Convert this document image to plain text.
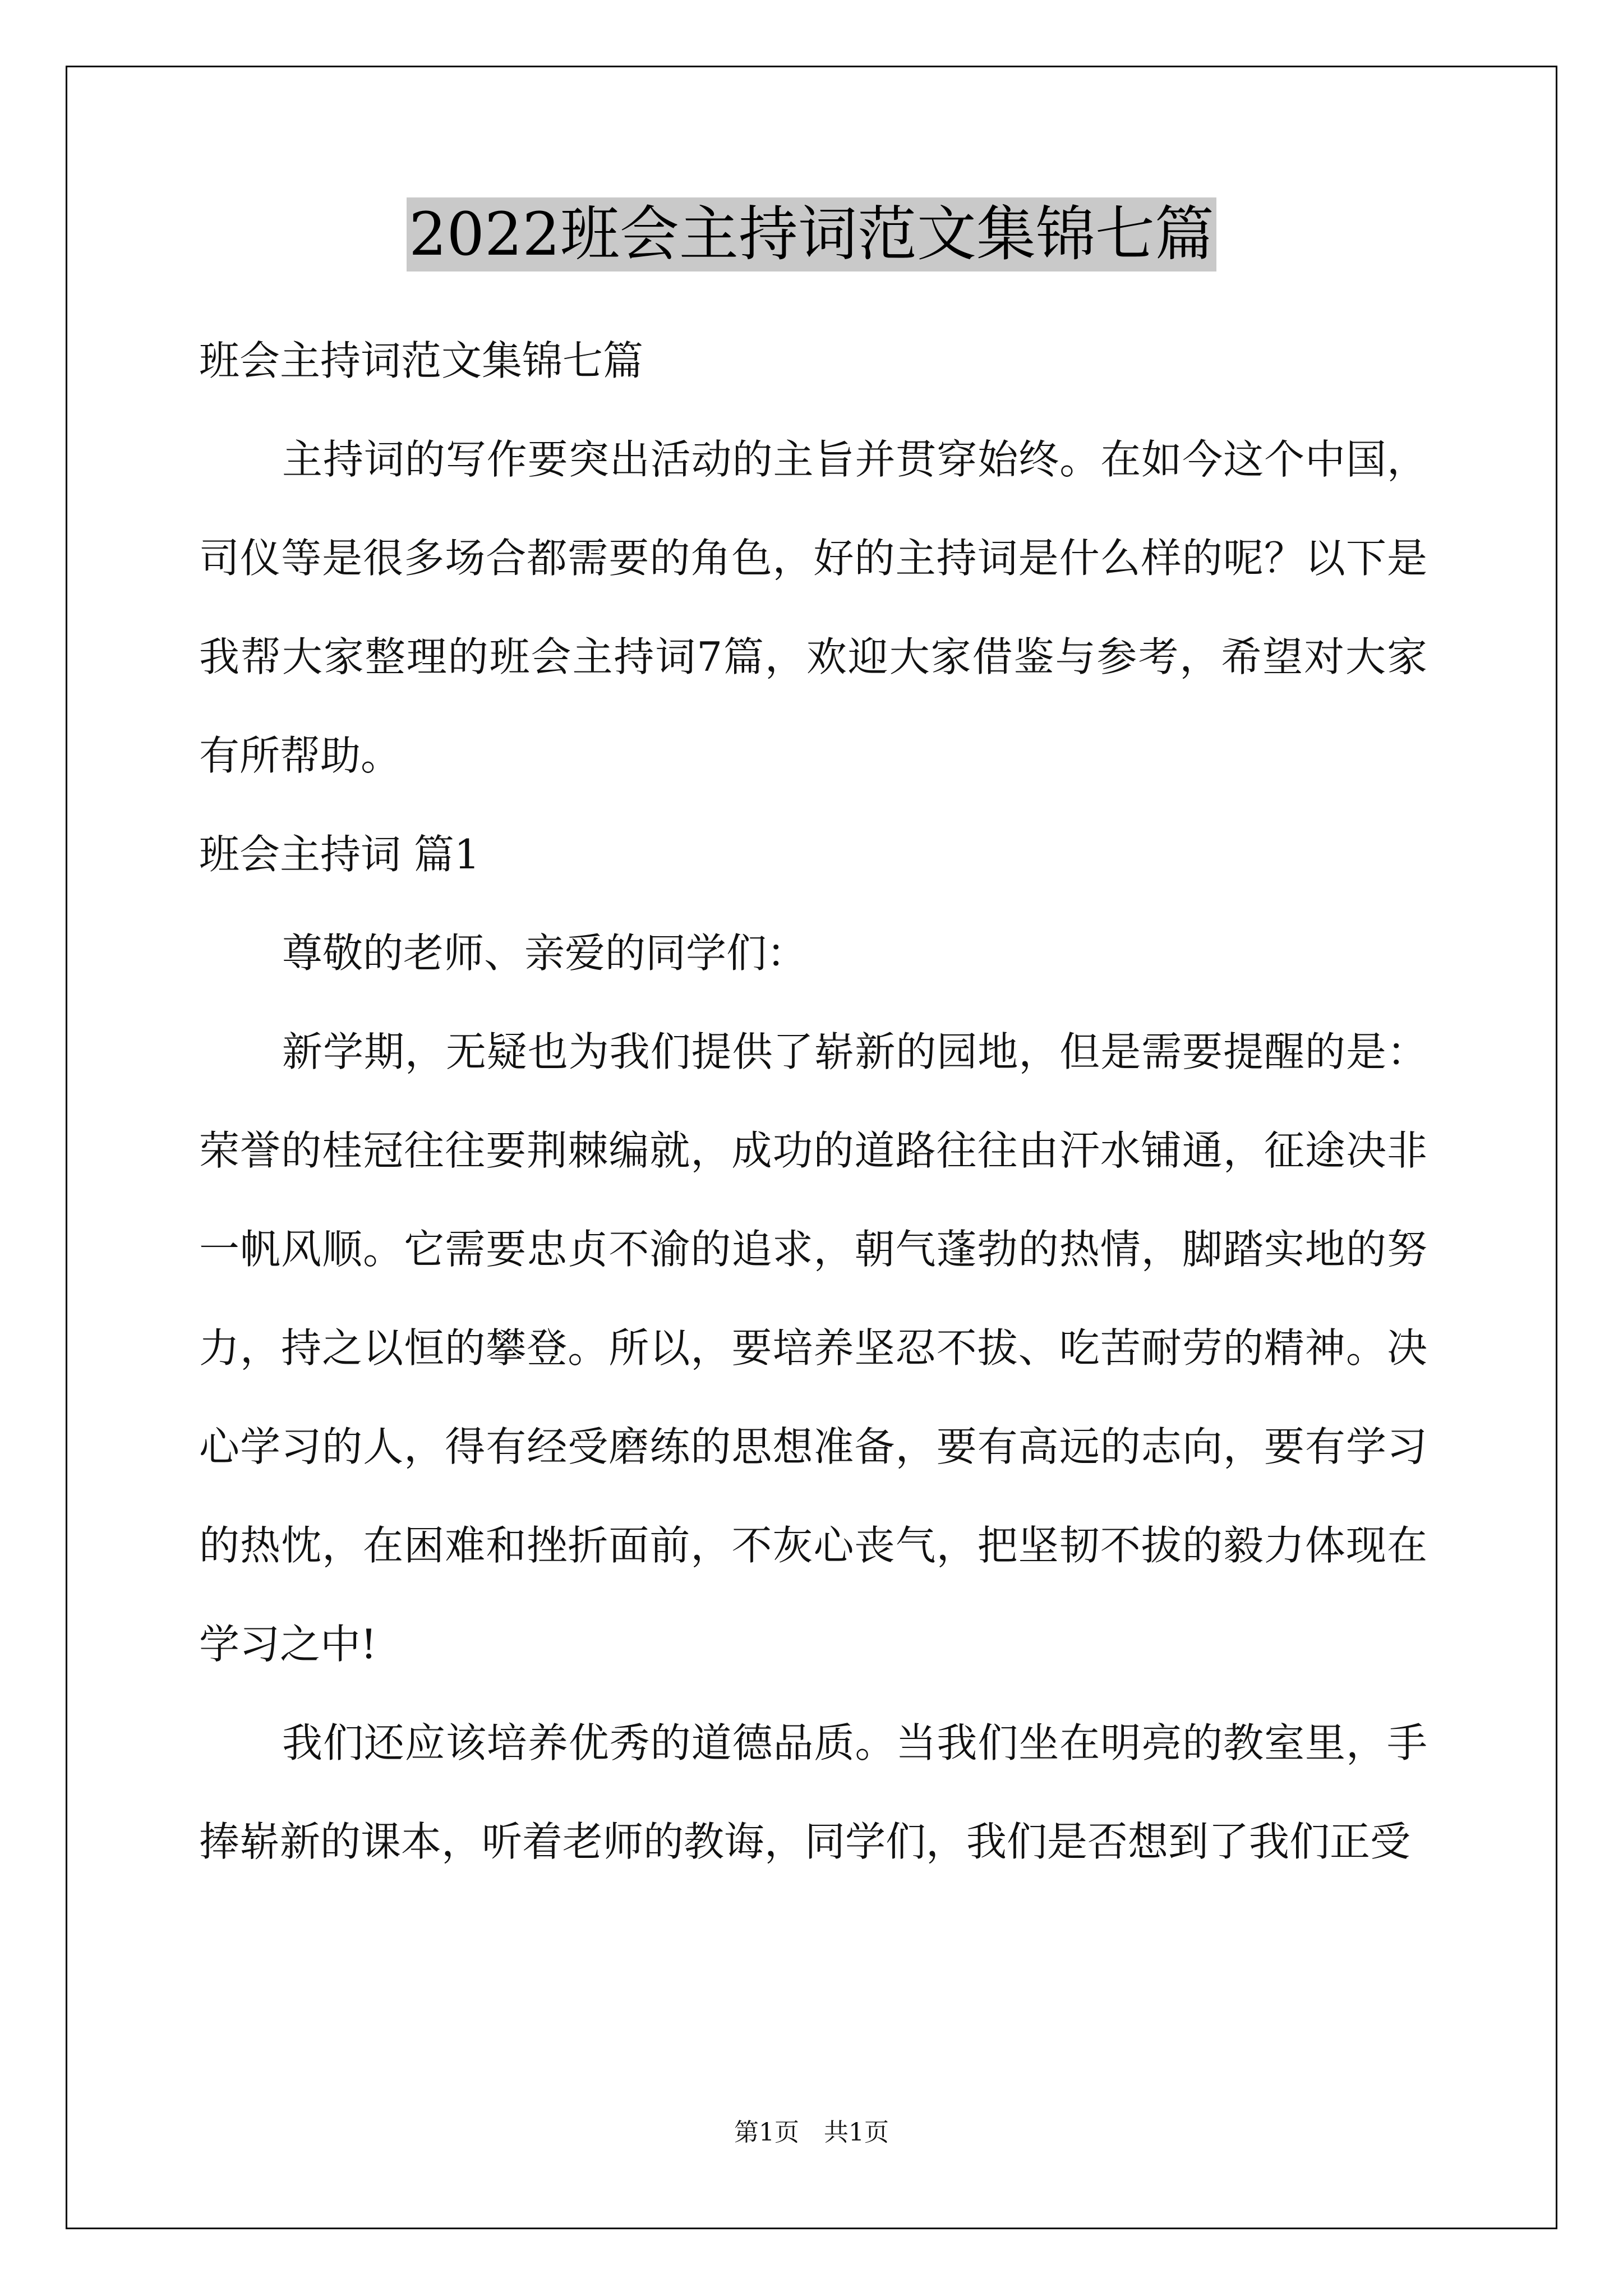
2022班会主持词范文集锦七篇

班会主持词范文集锦七篇

主持词的写作要突出活动的主旨并贯穿始终。在如今这个中国，司仪等是很多场合都需要的角色，好的主持词是什么样的呢？以下是我帮大家整理的班会主持词7篇，欢迎大家借鉴与参考，希望对大家有所帮助。

班会主持词 篇1

尊敬的老师、亲爱的同学们：

新学期，无疑也为我们提供了崭新的园地，但是需要提醒的是：荣誉的桂冠往往要荆棘编就，成功的道路往往由汗水铺通，征途决非一帆风顺。它需要忠贞不渝的追求，朝气蓬勃的热情，脚踏实地的努力，持之以恒的攀登。所以，要培养坚忍不拔、吃苦耐劳的精神。决心学习的人，得有经受磨练的思想准备，要有高远的志向，要有学习的热忱，在困难和挫折面前，不灰心丧气，把坚韧不拔的毅力体现在学习之中!

我们还应该培养优秀的道德品质。当我们坐在明亮的教室里，手捧崭新的课本，听着老师的教诲，同学们，我们是否想到了我们正受

第1页　共1页
